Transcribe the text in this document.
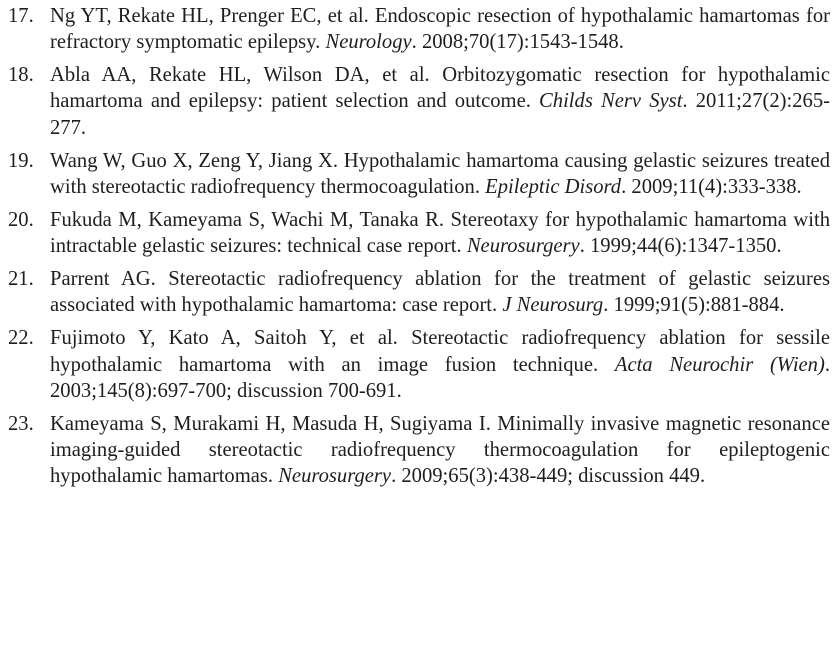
17. Ng YT, Rekate HL, Prenger EC, et al. Endoscopic resection of hypothalamic hamartomas for refractory symptomatic epilepsy. Neurology. 2008;70(17):1543-1548.
18. Abla AA, Rekate HL, Wilson DA, et al. Orbitozygomatic resection for hypothalamic hamartoma and epilepsy: patient selection and outcome. Childs Nerv Syst. 2011;27(2):265-277.
19. Wang W, Guo X, Zeng Y, Jiang X. Hypothalamic hamartoma causing gelastic seizures treated with stereotactic radiofrequency thermocoagulation. Epileptic Disord. 2009;11(4):333-338.
20. Fukuda M, Kameyama S, Wachi M, Tanaka R. Stereotaxy for hypothalamic hamartoma with intractable gelastic seizures: technical case report. Neurosurgery. 1999;44(6):1347-1350.
21. Parrent AG. Stereotactic radiofrequency ablation for the treatment of gelastic seizures associated with hypothalamic hamartoma: case report. J Neurosurg. 1999;91(5):881-884.
22. Fujimoto Y, Kato A, Saitoh Y, et al. Stereotactic radiofrequency ablation for sessile hypothalamic hamartoma with an image fusion technique. Acta Neurochir (Wien). 2003;145(8):697-700; discussion 700-691.
23. Kameyama S, Murakami H, Masuda H, Sugiyama I. Minimally invasive magnetic resonance imaging-guided stereotactic radiofrequency thermocoagulation for epileptogenic hypothalamic hamartomas. Neurosurgery. 2009;65(3):438-449; discussion 449.
